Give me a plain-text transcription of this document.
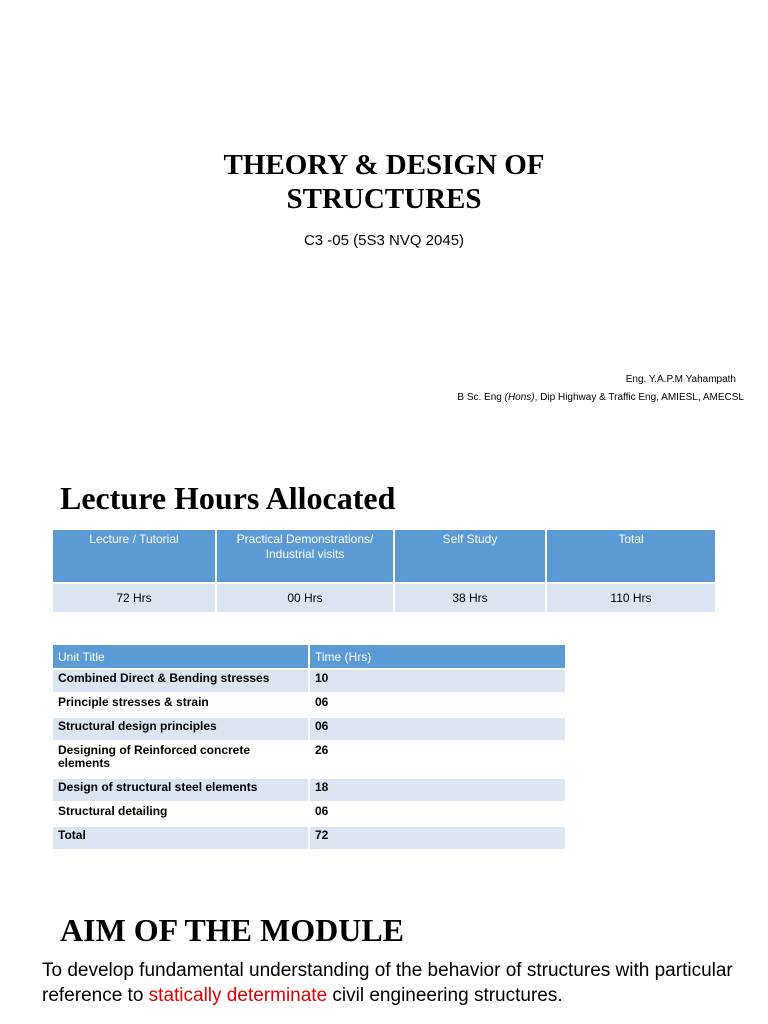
THEORY & DESIGN OF
STRUCTURES
C3 -05 (5S3 NVQ 2045)
Eng. Y.A.P.M Yahampath
B Sc. Eng (Hons), Dip Highway & Traffic Eng, AMIESL, AMECSL
Lecture Hours Allocated
Lecture / Tutorial	Practical Demonstrations/ Industrial visits	Self Study	Total
72 Hrs	00 Hrs	38 Hrs	110 Hrs
Unit Title	Time (Hrs)
Combined Direct & Bending stresses	10
Principle stresses & strain	06
Structural design principles	06
Designing of Reinforced concrete elements	26
Design of structural steel elements	18
Structural detailing	06
Total	72
AIM OF THE MODULE
To develop fundamental understanding of the behavior of structures with particular reference to statically determinate civil engineering structures.
